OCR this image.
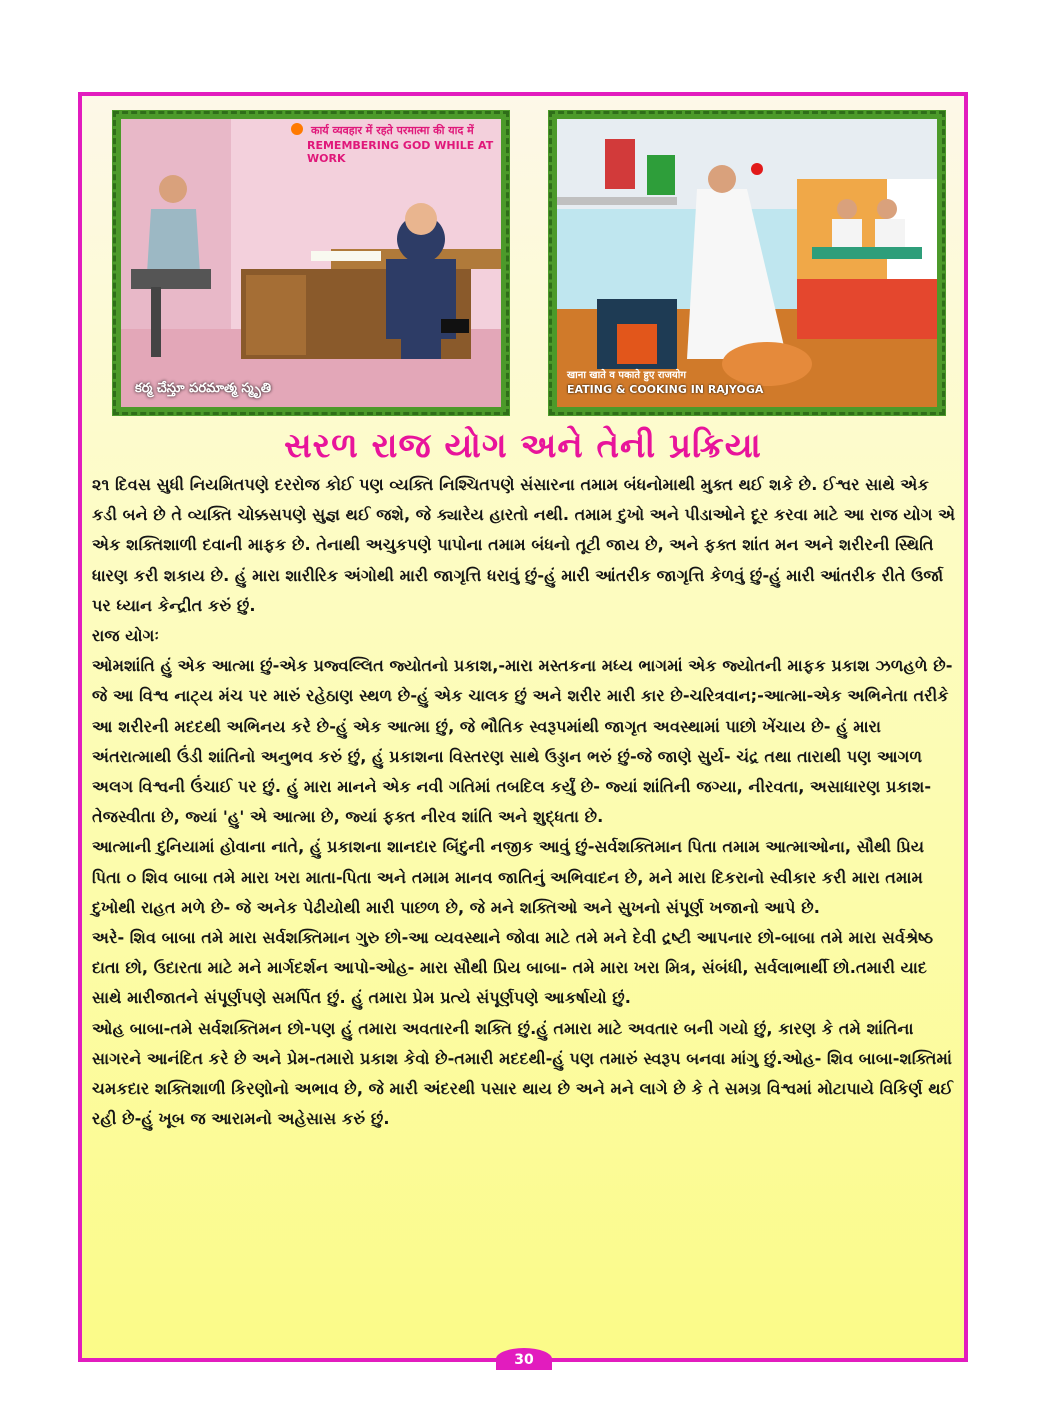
कार्य व्यवहार में रहते परमात्मा की याद में
REMEMBERING GOD WHILE AT WORK
కర్మ చేస్తూ పరమాత్మ స్మృతి
खाना खाते व पकाते हुए राजयोग
EATING & COOKING IN RAJYOGA
સરળ રાજ યોગ અને તેની પ્રક્રિયા

૨૧ દિવસ સુધી નિયમિતપણે દરરોજ કોઈ પણ વ્યક્તિ નિશ્ચિતપણે સંસારના તમામ બંધનોમાથી મુક્ત થઈ શકે છે. ઈશ્વર સાથે એક કડી બને છે તે વ્યક્તિ ચોક્કસપણે સુજ્ઞ થઈ જશે, જે ક્યારેય હારતો નથી. તમામ દુખો અને પીડાઓને દૂર કરવા માટે આ રાજ યોગ એ એક શક્તિશાળી દવાની માફક છે. તેનાથી અચુકપણે પાપોના તમામ બંધનો તૂટી જાય છે, અને ફક્ત શાંત મન અને શરીરની સ્થિતિ ધારણ કરી શકાય છે. હું મારા શારીરિક અંગોથી મારી જાગૃત્તિ ધરાવું છું-હું મારી આંતરીક જાગૃત્તિ કેળવું છું-હું મારી આંતરીક રીતે ઉર્જા પર ધ્યાન કેન્દ્રીત કરું છું.

રાજ યોગઃ

ઓમશાંતિ હું એક આત્મા છું-એક પ્રજ્વલ્લિત જ્યોતનો પ્રકાશ,-મારા મસ્તકના મધ્ય ભાગમાં એક જ્યોતની માફક પ્રકાશ ઝળહળે છે- જે આ વિશ્વ નાટ્ય મંચ પર મારું રહેઠાણ સ્થળ છે-હું એક ચાલક છું અને શરીર મારી કાર છે-ચરિત્રવાન;-આત્મા-એક અભિનેતા તરીકે આ શરીરની મદદથી અભિનય કરે છે-હું એક આત્મા છું, જે ભૌતિક સ્વરૂપમાંથી જાગૃત અવસ્થામાં પાછો ખેંચાય છે- હું મારા અંતરાત્માથી ઉંડી શાંતિનો અનુભવ કરું છું, હું પ્રકાશના વિસ્તરણ સાથે ઉડ્ડાન ભરું છું-જે જાણે સુર્ય- ચંદ્ર તથા તારાથી પણ આગળ અલગ વિશ્વની ઉંચાઈ પર છું. હું મારા માનને એક નવી ગતિમાં તબદિલ કર્યું છે- જ્યાં શાંતિની જગ્યા, નીરવતા, અસાધારણ પ્રકાશ- તેજસ્વીતા છે, જ્યાં 'હુ' એ આત્મા છે, જ્યાં ફક્ત નીરવ શાંતિ અને શુદ્ધતા છે.

આત્માની દુનિયામાં હોવાના નાતે, હું પ્રકાશના શાનદાર બિંદુની નજીક આવું છું-સર્વશક્તિમાન પિતા તમામ આત્માઓના, સૌથી પ્રિય પિતા ૦ શિવ બાબા તમે મારા ખરા માતા-પિતા અને તમામ માનવ જાતિનું અભિવાદન છે, મને મારા દિકરાનો સ્વીકાર કરી મારા તમામ દુખોથી રાહત મળે છે- જે અનેક પેઢીયોથી મારી પાછળ છે, જે મને શક્તિઓ અને સુખનો સંપૂર્ણ ખજાનો આપે છે.

અરે- શિવ બાબા તમે મારા સર્વશક્તિમાન ગુરુ છો-આ વ્યવસ્થાને જોવા માટે તમે મને દેવી દ્રષ્ટી આપનાર છો-બાબા તમે મારા સર્વશ્રેષ્ઠ દાતા છો, ઉદારતા માટે મને માર્ગદર્શન આપો-ઓહ- મારા સૌથી પ્રિય બાબા- તમે મારા ખરા મિત્ર, સંબંધી, સર્વલાભાર્થી છો.તમારી યાદ સાથે મારીજાતને સંપૂર્ણપણે સમર્પિત છું. હું તમારા પ્રેમ પ્રત્યે સંપૂર્ણપણે આકર્ષાયો છું.

ઓહ બાબા-તમે સર્વશક્તિમન છો-પણ હું તમારા અવતારની શક્તિ છું.હું તમારા માટે અવતાર બની ગયો છું, કારણ કે તમે શાંતિના સાગરને આનંદિત કરે છે અને પ્રેમ-તમારો પ્રકાશ કેવો છે-તમારી મદદથી-હું પણ તમારું સ્વરૂપ બનવા માંગુ છું.ઓહ- શિવ બાબા-શક્તિમાં ચમકદાર શક્તિશાળી કિરણોનો અભાવ છે, જે મારી અંદરથી પસાર થાય છે અને મને લાગે છે કે તે સમગ્ર વિશ્વમાં મોટાપાયે વિકિર્ણ થઈ રહી છે-હું ખૂબ જ આરામનો અહેસાસ કરું છું.

30
